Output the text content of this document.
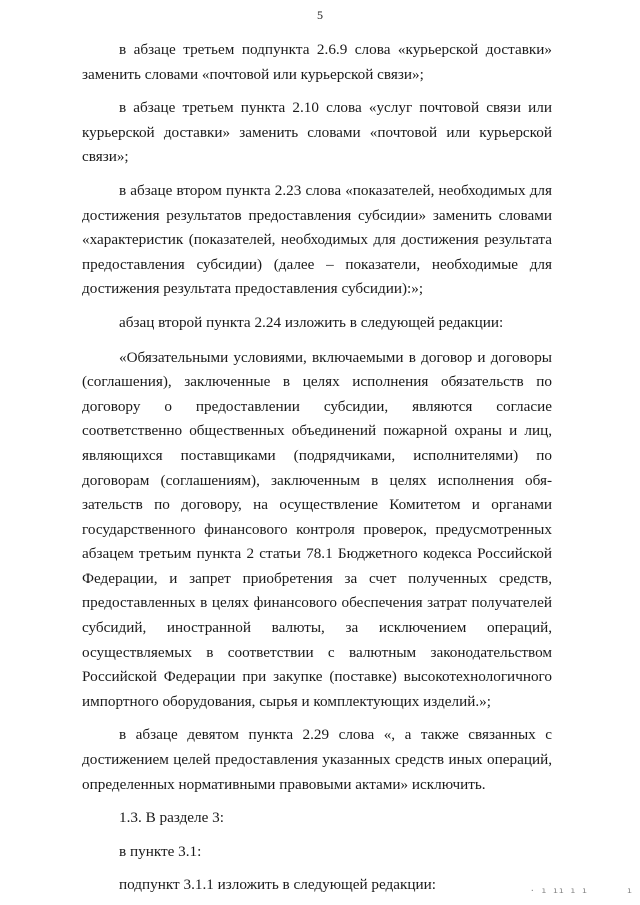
5

в абзаце третьем подпункта 2.6.9 слова «курьерской доставки» заменить словами «почтовой или курьерской связи»;

в абзаце третьем пункта 2.10 слова «услуг почтовой связи или курьерской доставки» заменить словами «почтовой или курьерской связи»;

в абзаце втором пункта 2.23 слова «показателей, необходимых для достижения результатов предоставления субсидии» заменить словами «характеристик (показателей, необходимых для достижения результата предоставления субсидии) (далее – показатели, необходимые для достижения результата предоставления субсидии):»;

абзац второй пункта 2.24 изложить в следующей редакции:

«Обязательными условиями, включаемыми в договор и договоры (соглашения), заключенные в целях исполнения обязательств по договору о предоставлении субсидии, являются согласие соответственно общественных объединений пожарной охраны и лиц, являющихся поставщиками (подрядчиками, исполнителями) по договорам (соглашениям), заключенным в целях исполнения обязательств по договору, на осуществление Комитетом и органами государственного финансового контроля проверок, предусмотренных абзацем третьим пункта 2 статьи 78.1 Бюджетного кодекса Российской Федерации, и запрет приобретения за счет полученных средств, предоставленных в целях финансового обеспечения затрат получателей субсидий, иностранной валюты, за исключением операций, осуществляемых в соответствии с валютным законодательством Российской Федерации при закупке (поставке) высокотехнологичного импортного оборудования, сырья и комплектующих изделий.»;

в абзаце девятом пункта 2.29 слова «, а также связанных с достижением целей предоставления указанных средств иных операций, определенных нормативными правовыми актами» исключить.

1.3. В разделе 3:

в пункте 3.1:

подпункт 3.1.1 изложить в следующей редакции:	· ı ıı ı ı	ı
